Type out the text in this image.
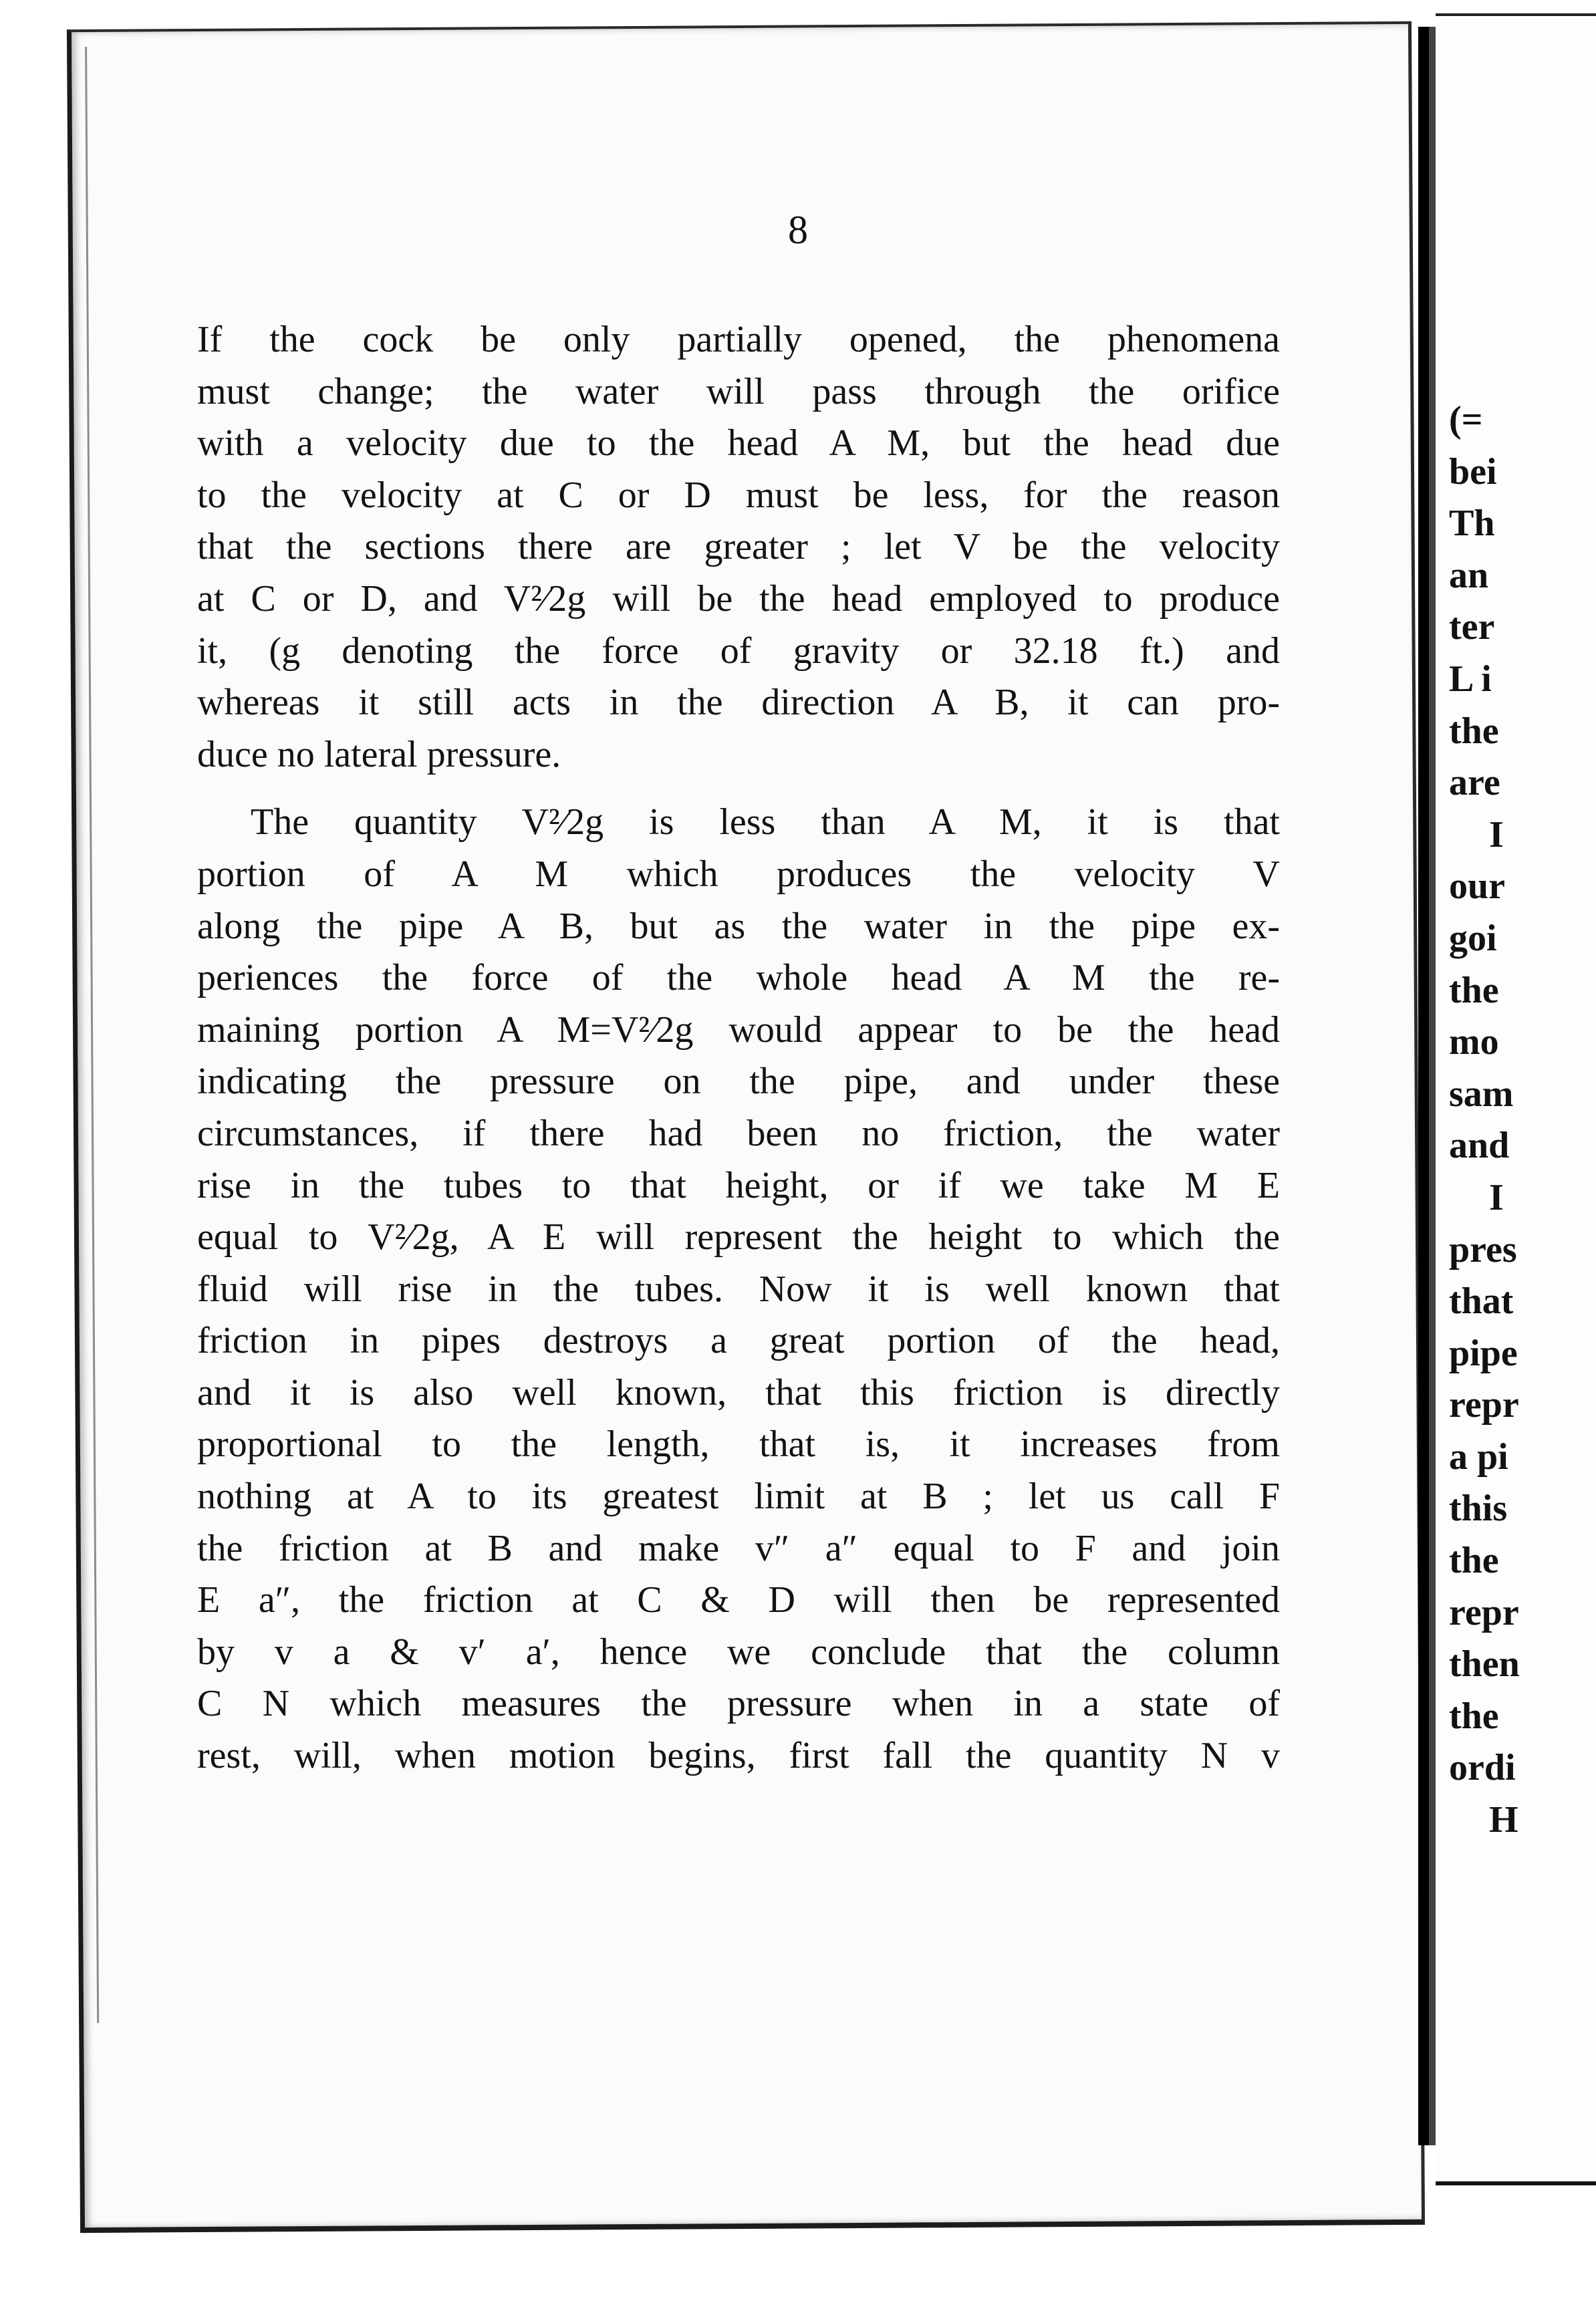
8
If the cock be only partially opened, the phenomena
must change; the water will pass through the orifice
with a velocity due to the head A M, but the head due
to the velocity at C or D must be less, for the reason
that the sections there are greater ; let V be the velocity
at C or D, and V²⁄2g will be the head employed to produce
it, (g denoting the force of gravity or 32.18 ft.) and
whereas it still acts in the direction A B, it can pro-
duce no lateral pressure.
The quantity V²⁄2g is less than A M, it is that
portion of A M which produces the velocity V
along the pipe A B, but as the water in the pipe ex-
periences the force of the whole head A M the re-
maining portion A M=V²⁄2g would appear to be the head
indicating the pressure on the pipe, and under these
circumstances, if there had been no friction, the water
rise in the tubes to that height, or if we take M E
equal to V²⁄2g, A E will represent the height to which the
fluid will rise in the tubes. Now it is well known that
friction in pipes destroys a great portion of the head,
and it is also well known, that this friction is directly
proportional to the length, that is, it increases from
nothing at A to its greatest limit at B ; let us call F
the friction at B and make v″ a″ equal to F and join
E a″, the friction at C & D will then be represented
by v a & v′ a′, hence we conclude that the column
C N which measures the pressure when in a state of
rest, will, when motion begins, first fall the quantity N v
(=
bei
Th
an
ter
L i
the
are
I
our
goi
the
mo
sam
and
I
pres
that
pipe
repr
a pi
this
the
repr
then
the
ordi
H
